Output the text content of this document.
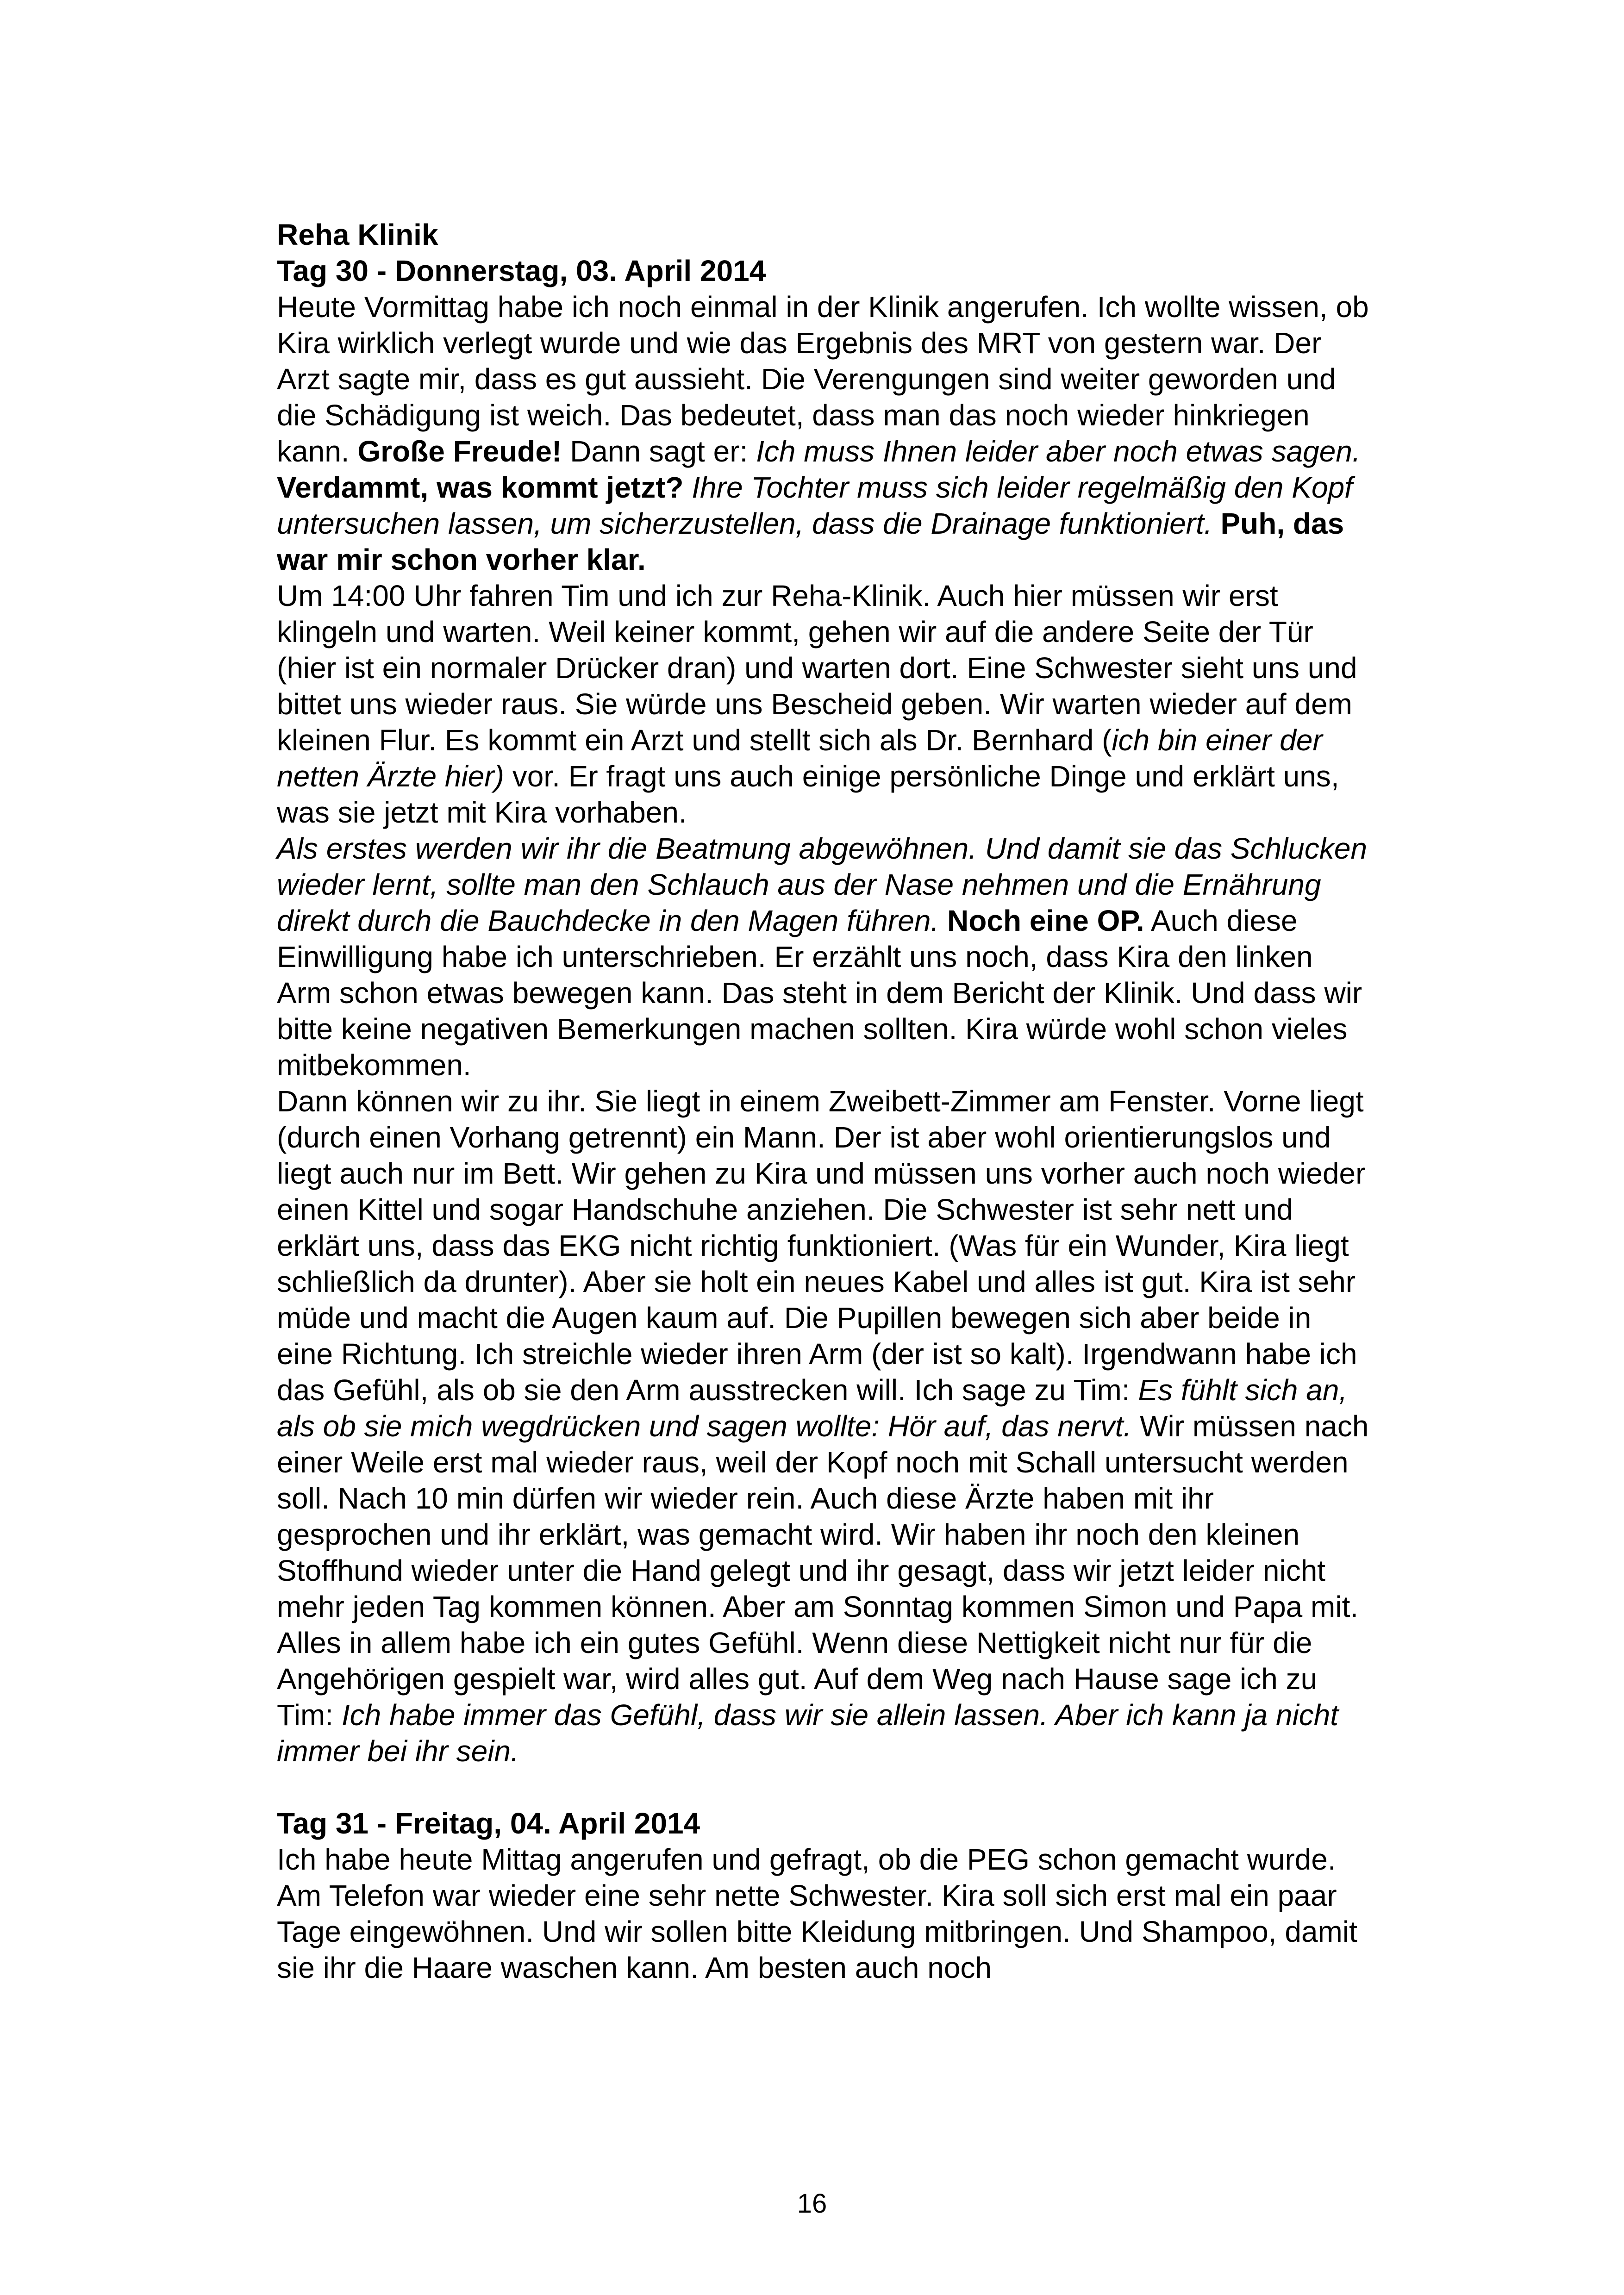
Reha Klinik
Tag 30 - Donnerstag, 03. April 2014

Heute Vormittag habe ich noch einmal in der Klinik angerufen. Ich wollte wissen, ob Kira wirklich verlegt wurde und wie das Ergebnis des MRT von gestern war. Der Arzt sagte mir, dass es gut aussieht. Die Verengungen sind weiter geworden und die Schädigung ist weich. Das bedeutet, dass man das noch wieder hinkriegen kann. Große Freude! Dann sagt er: Ich muss Ihnen leider aber noch etwas sagen. Verdammt, was kommt jetzt? Ihre Tochter muss sich leider regelmäßig den Kopf untersuchen lassen, um sicherzustellen, dass die Drainage funktioniert. Puh, das war mir schon vorher klar.

Um 14:00 Uhr fahren Tim und ich zur Reha-Klinik. Auch hier müssen wir erst klingeln und warten. Weil keiner kommt, gehen wir auf die andere Seite der Tür (hier ist ein normaler Drücker dran) und warten dort. Eine Schwester sieht uns und bittet uns wieder raus. Sie würde uns Bescheid geben. Wir warten wieder auf dem kleinen Flur. Es kommt ein Arzt und stellt sich als Dr. Bernhard (ich bin einer der netten Ärzte hier) vor. Er fragt uns auch einige persönliche Dinge und erklärt uns, was sie jetzt mit Kira vorhaben.

Als erstes werden wir ihr die Beatmung abgewöhnen. Und damit sie das Schlucken wieder lernt, sollte man den Schlauch aus der Nase nehmen und die Ernährung direkt durch die Bauchdecke in den Magen führen. Noch eine OP. Auch diese Einwilligung habe ich unterschrieben. Er erzählt uns noch, dass Kira den linken Arm schon etwas bewegen kann. Das steht in dem Bericht der Klinik. Und dass wir bitte keine negativen Bemerkungen machen sollten. Kira würde wohl schon vieles mitbekommen.

Dann können wir zu ihr. Sie liegt in einem Zweibett-Zimmer am Fenster. Vorne liegt (durch einen Vorhang getrennt) ein Mann. Der ist aber wohl orientierungslos und liegt auch nur im Bett. Wir gehen zu Kira und müssen uns vorher auch noch wieder einen Kittel und sogar Handschuhe anziehen. Die Schwester ist sehr nett und erklärt uns, dass das EKG nicht richtig funktioniert. (Was für ein Wunder, Kira liegt schließlich da drunter). Aber sie holt ein neues Kabel und alles ist gut. Kira ist sehr müde und macht die Augen kaum auf. Die Pupillen bewegen sich aber beide in eine Richtung. Ich streichle wieder ihren Arm (der ist so kalt). Irgendwann habe ich das Gefühl, als ob sie den Arm ausstrecken will. Ich sage zu Tim: Es fühlt sich an, als ob sie mich wegdrücken und sagen wollte: Hör auf, das nervt. Wir müssen nach einer Weile erst mal wieder raus, weil der Kopf noch mit Schall untersucht werden soll. Nach 10 min dürfen wir wieder rein. Auch diese Ärzte haben mit ihr gesprochen und ihr erklärt, was gemacht wird. Wir haben ihr noch den kleinen Stoffhund wieder unter die Hand gelegt und ihr gesagt, dass wir jetzt leider nicht mehr jeden Tag kommen können. Aber am Sonntag kommen Simon und Papa mit.

Alles in allem habe ich ein gutes Gefühl. Wenn diese Nettigkeit nicht nur für die Angehörigen gespielt war, wird alles gut. Auf dem Weg nach Hause sage ich zu Tim: Ich habe immer das Gefühl, dass wir sie allein lassen. Aber ich kann ja nicht immer bei ihr sein.

Tag 31 - Freitag, 04. April 2014

Ich habe heute Mittag angerufen und gefragt, ob die PEG schon gemacht wurde. Am Telefon war wieder eine sehr nette Schwester. Kira soll sich erst mal ein paar Tage eingewöhnen. Und wir sollen bitte Kleidung mitbringen. Und Shampoo, damit sie ihr die Haare waschen kann. Am besten auch noch

16
